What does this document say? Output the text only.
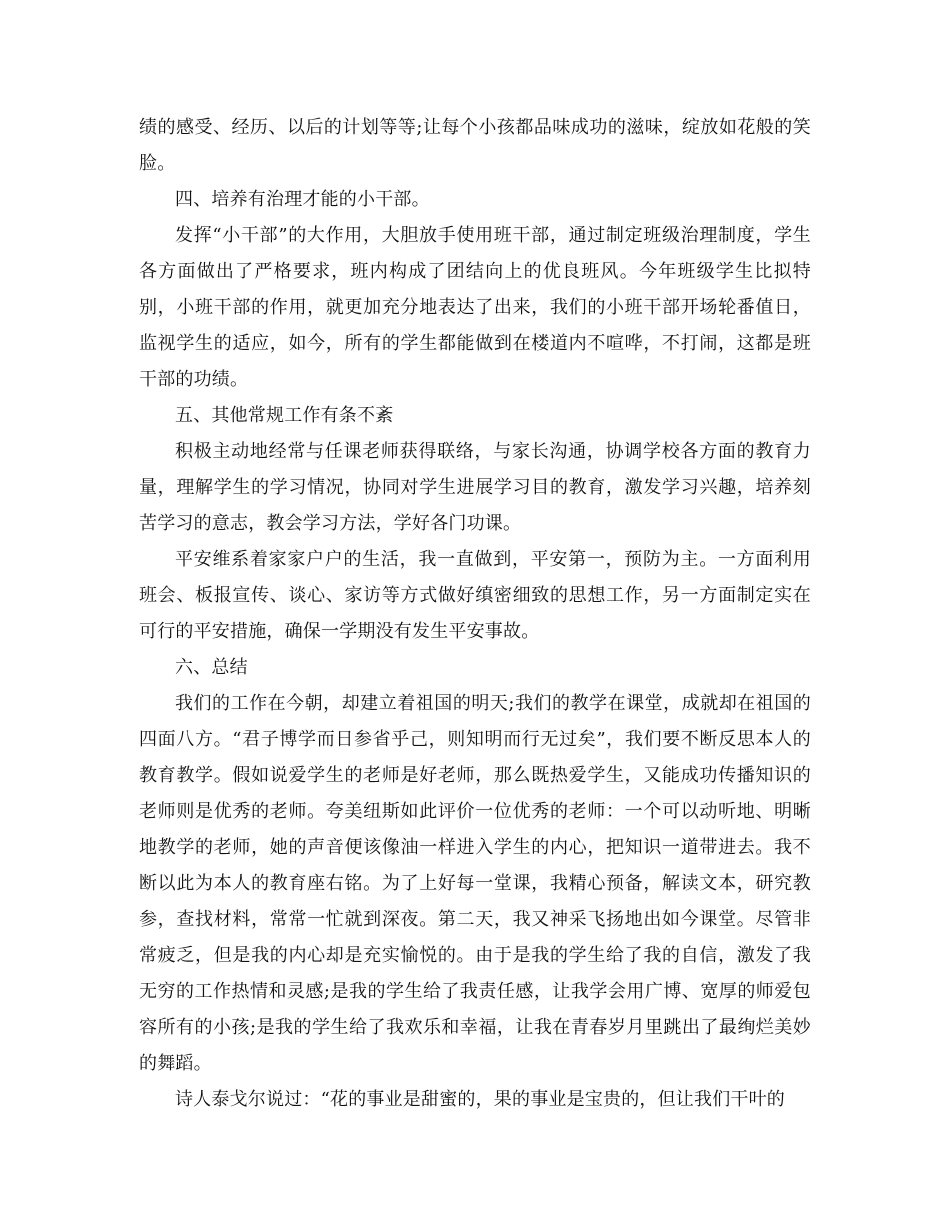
绩的感受、经历、以后的计划等等;让每个小孩都品味成功的滋味，绽放如花般的笑脸。

四、培养有治理才能的小干部。

发挥“小干部”的大作用，大胆放手使用班干部，通过制定班级治理制度，学生各方面做出了严格要求，班内构成了团结向上的优良班风。今年班级学生比拟特别，小班干部的作用，就更加充分地表达了出来，我们的小班干部开场轮番值日，监视学生的适应，如今，所有的学生都能做到在楼道内不喧哗，不打闹，这都是班干部的功绩。

五、其他常规工作有条不紊

积极主动地经常与任课老师获得联络，与家长沟通，协调学校各方面的教育力量，理解学生的学习情况，协同对学生进展学习目的教育，激发学习兴趣，培养刻苦学习的意志，教会学习方法，学好各门功课。

平安维系着家家户户的生活，我一直做到，平安第一，预防为主。一方面利用班会、板报宣传、谈心、家访等方式做好缜密细致的思想工作，另一方面制定实在可行的平安措施，确保一学期没有发生平安事故。

六、总结

我们的工作在今朝，却建立着祖国的明天;我们的教学在课堂，成就却在祖国的四面八方。“君子博学而日参省乎己，则知明而行无过矣”，我们要不断反思本人的教育教学。假如说爱学生的老师是好老师，那么既热爱学生，又能成功传播知识的老师则是优秀的老师。夸美纽斯如此评价一位优秀的老师：一个可以动听地、明晰地教学的老师，她的声音便该像油一样进入学生的内心，把知识一道带进去。我不断以此为本人的教育座右铭。为了上好每一堂课，我精心预备，解读文本，研究教参，查找材料，常常一忙就到深夜。第二天，我又神采飞扬地出如今课堂。尽管非常疲乏，但是我的内心却是充实愉悦的。由于是我的学生给了我的自信，激发了我无穷的工作热情和灵感;是我的学生给了我责任感，让我学会用广博、宽厚的师爱包容所有的小孩;是我的学生给了我欢乐和幸福，让我在青春岁月里跳出了最绚烂美妙的舞蹈。

诗人泰戈尔说过：“花的事业是甜蜜的，果的事业是宝贵的，但让我们干叶的
